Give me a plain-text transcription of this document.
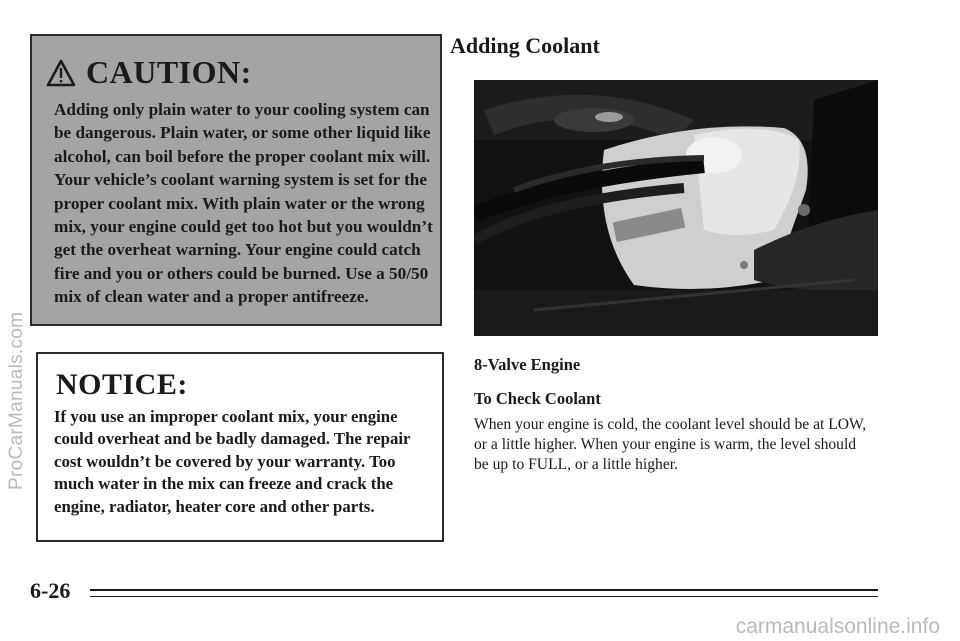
ProCarManuals.com
CAUTION:
Adding only plain water to your cooling system can be dangerous. Plain water, or some other liquid like alcohol, can boil before the proper coolant mix will. Your vehicle’s coolant warning system is set for the proper coolant mix. With plain water or the wrong mix, your engine could get too hot but you wouldn’t get the overheat warning. Your engine could catch fire and you or others could be burned. Use a 50/50 mix of clean water and a proper antifreeze.
NOTICE:
If you use an improper coolant mix, your engine could overheat and be badly damaged. The repair cost wouldn’t be covered by your warranty. Too much water in the mix can freeze and crack the engine, radiator, heater core and other parts.
Adding Coolant
8-Valve Engine
To Check Coolant
When your engine is cold, the coolant level should be at LOW, or a little higher. When your engine is warm, the level should be up to FULL, or a little higher.
6-26
carmanualsonline.info
